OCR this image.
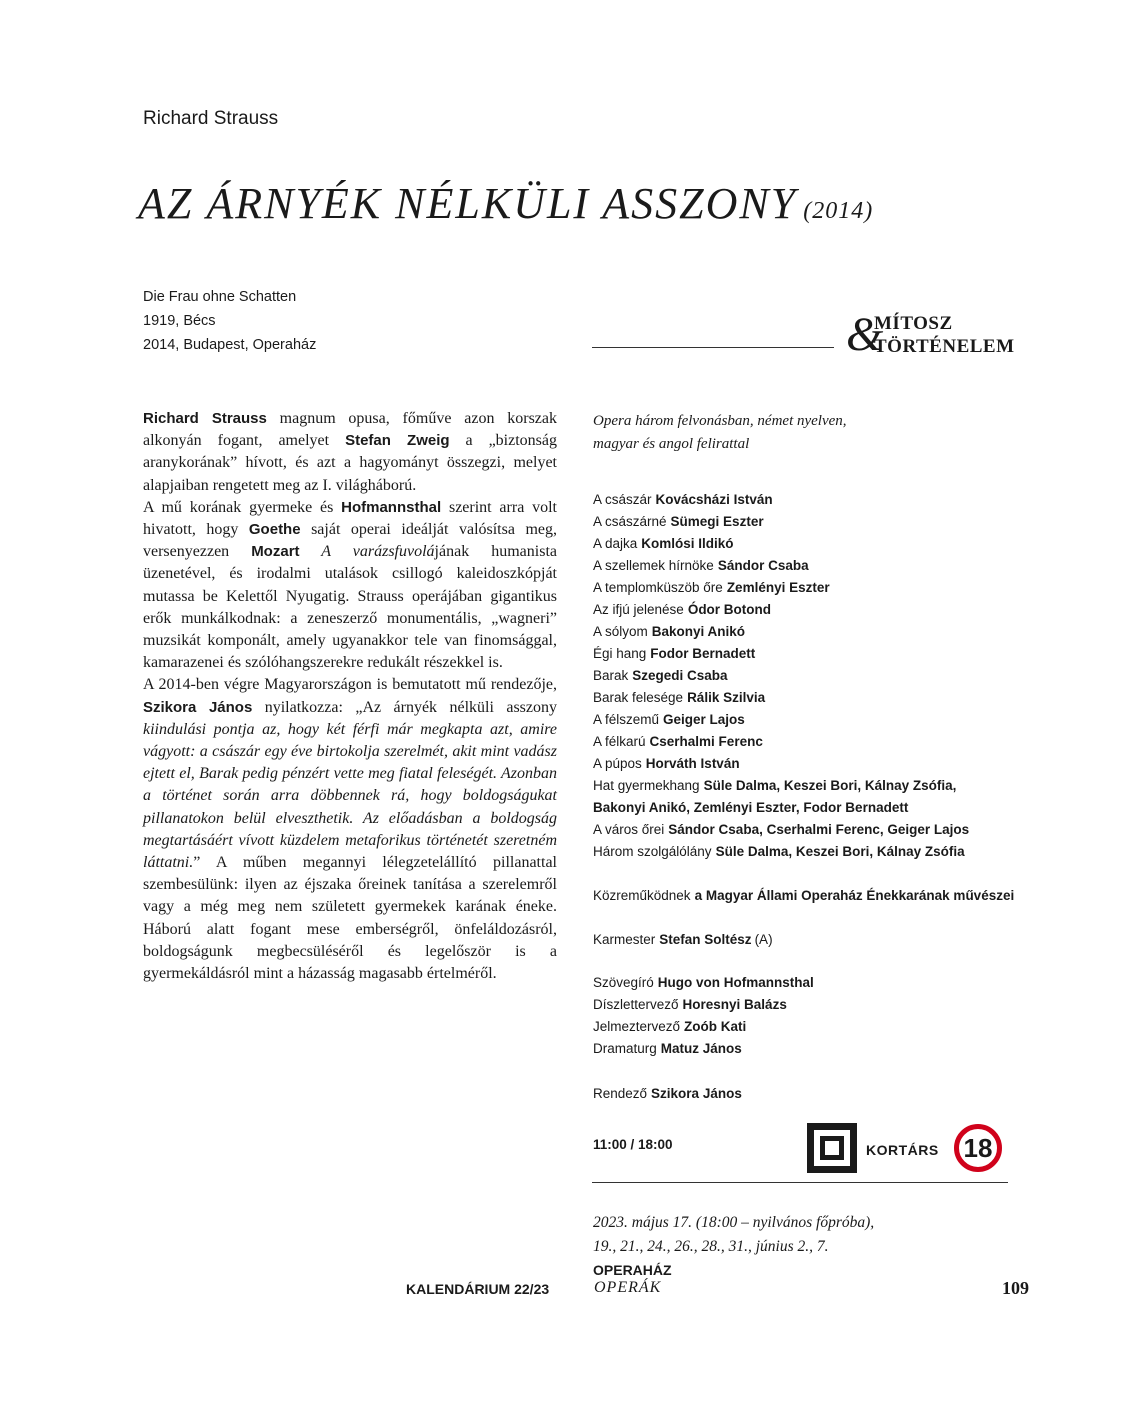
Richard Strauss
AZ ÁRNYÉK NÉLKÜLI ASSZONY (2014)
Die Frau ohne Schatten
1919, Bécs
2014, Budapest, Operaház	&
MÍTOSZ
TÖRTÉNELEM

Richard Strauss magnum opusa, főműve azon korszak alkonyán fogant, amelyet Stefan Zweig a „biztonság aranykorának” hívott, és azt a hagyományt összegzi, melyet alapjaiban rengetett meg az I. világháború.

A mű korának gyermeke és Hofmannsthal szerint arra volt hivatott, hogy Goethe saját operai ideálját valósítsa meg, versenyezzen Mozart A varázsfuvolájának humanista üzenetével, és irodalmi utalások csillogó kaleidoszkópját mutassa be Kelettől Nyugatig. Strauss operájában gigantikus erők munkálkodnak: a zeneszerző monumentális, „wagneri” muzsikát komponált, amely ugyanakkor tele van finomsággal, kamarazenei és szólóhangszerekre redukált részekkel is.

A 2014-ben végre Magyarországon is bemutatott mű rendezője, Szikora János nyilatkozza: „Az árnyék nélküli asszony kiindulási pontja az, hogy két férfi már megkapta azt, amire vágyott: a császár egy éve birtokolja szerelmét, akit mint vadász ejtett el, Barak pedig pénzért vette meg fiatal feleségét. Azonban a történet során arra döbbennek rá, hogy boldogságukat pillanatokon belül elveszthetik. Az előadásban a boldogság megtartásáért vívott küzdelem metaforikus történetét szeretném láttatni.” A műben megannyi lélegzetelállító pillanattal szembesülünk: ilyen az éjszaka őreinek tanítása a szerelemről vagy a még meg nem született gyermekek karának éneke. Háború alatt fogant mese emberségről, önfeláldozásról, boldogságunk megbecsüléséről és legelőször is a gyermekáldásról mint a házasság magasabb értelméről.

Opera három felvonásban, német nyelven,
magyar és angol felirattal
A császár Kovácsházi István
A császárné Sümegi Eszter
A dajka Komlósi Ildikó
A szellemek hírnöke Sándor Csaba
A templomküszöb őre Zemlényi Eszter
Az ifjú jelenése Ódor Botond
A sólyom Bakonyi Anikó
Égi hang Fodor Bernadett
Barak Szegedi Csaba
Barak felesége Rálik Szilvia
A félszemű Geiger Lajos
A félkarú Cserhalmi Ferenc
A púpos Horváth István
Hat gyermekhang Süle Dalma, Keszei Bori, Kálnay Zsófia,
Bakonyi Anikó, Zemlényi Eszter, Fodor Bernadett
A város őrei Sándor Csaba, Cserhalmi Ferenc, Geiger Lajos
Három szolgálólány Süle Dalma, Keszei Bori, Kálnay Zsófia
Közreműködnek a Magyar Állami Operaház Énekkarának művészei
Karmester Stefan Soltész (A)
Szövegíró Hugo von Hofmannsthal
Díszlettervező Horesnyi Balázs
Jelmeztervező Zoób Kati
Dramaturg Matuz János
Rendező Szikora János
11:00 / 18:00	KORTÁRS 18
2023. május 17. (18:00 – nyilvános főpróba),
19., 21., 24., 26., 28., 31., június 2., 7.
OPERAHÁZ
KALENDÁRIUM 22/23	OPERÁK	109
